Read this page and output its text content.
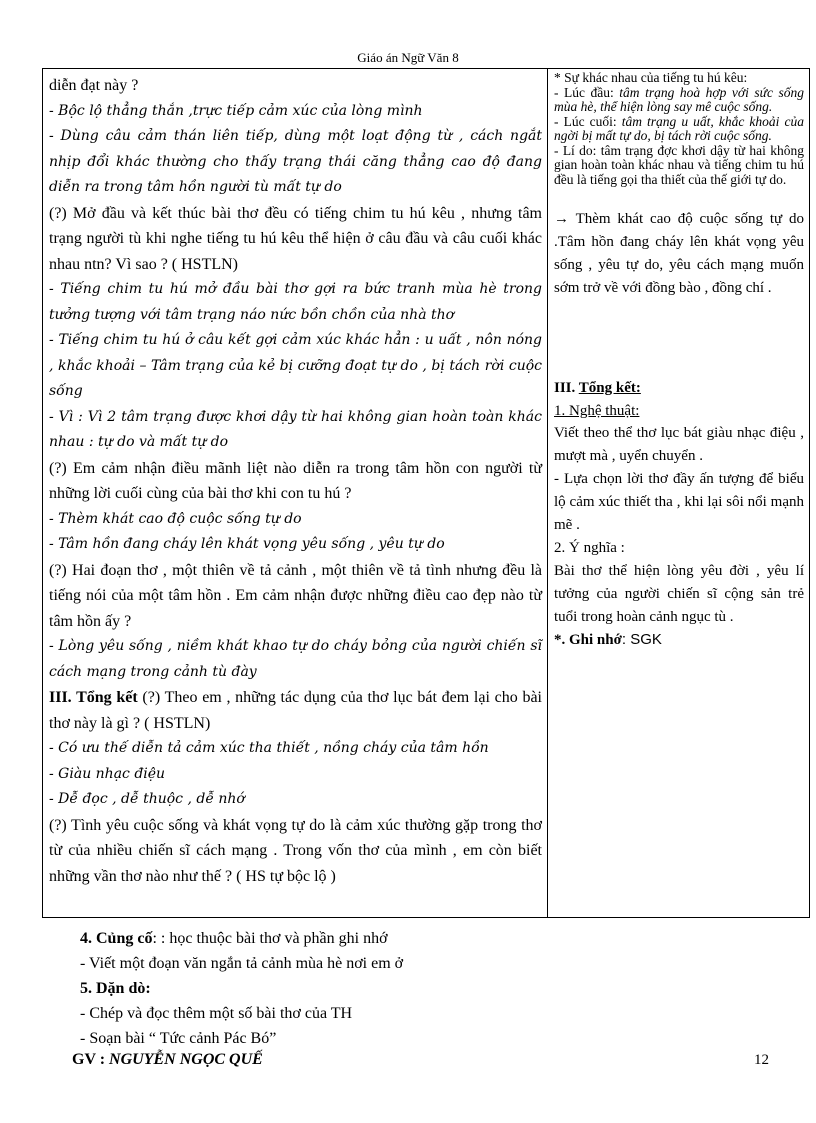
Giáo án Ngữ Văn 8
diễn đạt này ?
- Bộc lộ thẳng thắn ,trực tiếp cảm xúc của lòng mình
- Dùng câu cảm thán liên tiếp, dùng một loạt động từ , cách ngắt nhịp đổi khác thường cho thấy trạng thái căng thẳng cao độ đang diễn ra trong tâm hồn người tù mất tự do
(?) Mở đầu và kết thúc bài thơ đều có tiếng chim tu hú kêu , nhưng tâm trạng người tù khi nghe tiếng tu hú kêu thể hiện ở câu đầu và câu cuối khác nhau ntn? Vì sao ? ( HSTLN)
- Tiếng chim tu hú mở đầu bài thơ gợi ra bức tranh mùa hè trong tưởng tượng với tâm trạng náo nức bồn chồn của nhà thơ
- Tiếng chim tu hú ở câu kết gợi cảm xúc khác hẳn : u uất , nôn nóng , khắc khoải – Tâm trạng của kẻ bị cưỡng đoạt tự do , bị tách rời cuộc sống
- Vì : Vì 2 tâm trạng được khơi dậy từ hai không gian hoàn toàn khác nhau : tự do và mất tự do
(?) Em cảm nhận điều mãnh liệt nào diễn ra trong tâm hồn con người từ những lời cuối cùng của bài thơ khi con tu hú ?
- Thèm khát cao độ cuộc sống tự do
- Tâm hồn đang cháy lên khát vọng yêu sống , yêu tự do
(?) Hai đoạn thơ , một thiên về tả cảnh , một thiên về tả tình nhưng đều là tiếng nói của một tâm hồn . Em cảm nhận được những điều cao đẹp nào từ tâm hồn ấy ?
- Lòng yêu sống , niềm khát khao tự do cháy bỏng của người chiến sĩ cách mạng trong cảnh tù đày
III. Tổng kết (?) Theo em , những tác dụng của thơ lục bát đem lại cho bài thơ này là gì ? ( HSTLN)
- Có ưu thế diễn tả cảm xúc tha thiết , nồng cháy của tâm hồn
- Giàu nhạc điệu
- Dễ đọc , dễ thuộc , dễ nhớ
(?) Tình yêu cuộc sống và khát vọng tự do là cảm xúc thường gặp trong thơ từ của nhiều chiến sĩ cách mạng . Trong vốn thơ của mình , em còn biết những vần thơ nào như thế ? ( HS tự bộc lộ )
* Sự khác nhau của tiếng tu hú kêu:
- Lúc đầu: tâm trạng hoà hợp với sức sống mùa hè, thể hiện lòng say mê cuộc sống.
- Lúc cuối: tâm trạng u uất, khắc khoải của ngời bị mất tự do, bị tách rời cuộc sống.
- Lí do: tâm trạng đợc khơi dậy từ hai không gian hoàn toàn khác nhau và tiếng chim tu hú đều là tiếng gọi tha thiết của thế giới tự do.
→ Thèm khát cao độ cuộc sống tự do .Tâm hồn đang cháy lên khát vọng yêu sống , yêu tự do, yêu cách mạng muốn sớm trở về với đồng bào , đồng chí .
III. Tổng kết:
1. Nghệ thuật:
Viết theo thể thơ lục bát giàu nhạc điệu , mượt mà , uyển chuyển .
- Lựa chọn lời thơ đầy ấn tượng để biểu lộ cảm xúc thiết tha , khi lại sôi nổi mạnh mẽ .
2. Ý nghĩa :
Bài thơ thể hiện lòng yêu đời , yêu lí tưởng của người chiến sĩ cộng sản trẻ tuổi trong hoàn cảnh ngục tù .
*. Ghi nhớ: SGK
4. Củng cố: : học thuộc bài thơ và phần ghi nhớ
- Viết một đoạn văn ngắn tả cảnh mùa hè nơi em ở
5. Dặn dò:
- Chép và đọc thêm một số bài thơ của TH
- Soạn bài “ Tức cảnh Pác Bó”
GV : NGUYỄN NGỌC QUẾ	12
